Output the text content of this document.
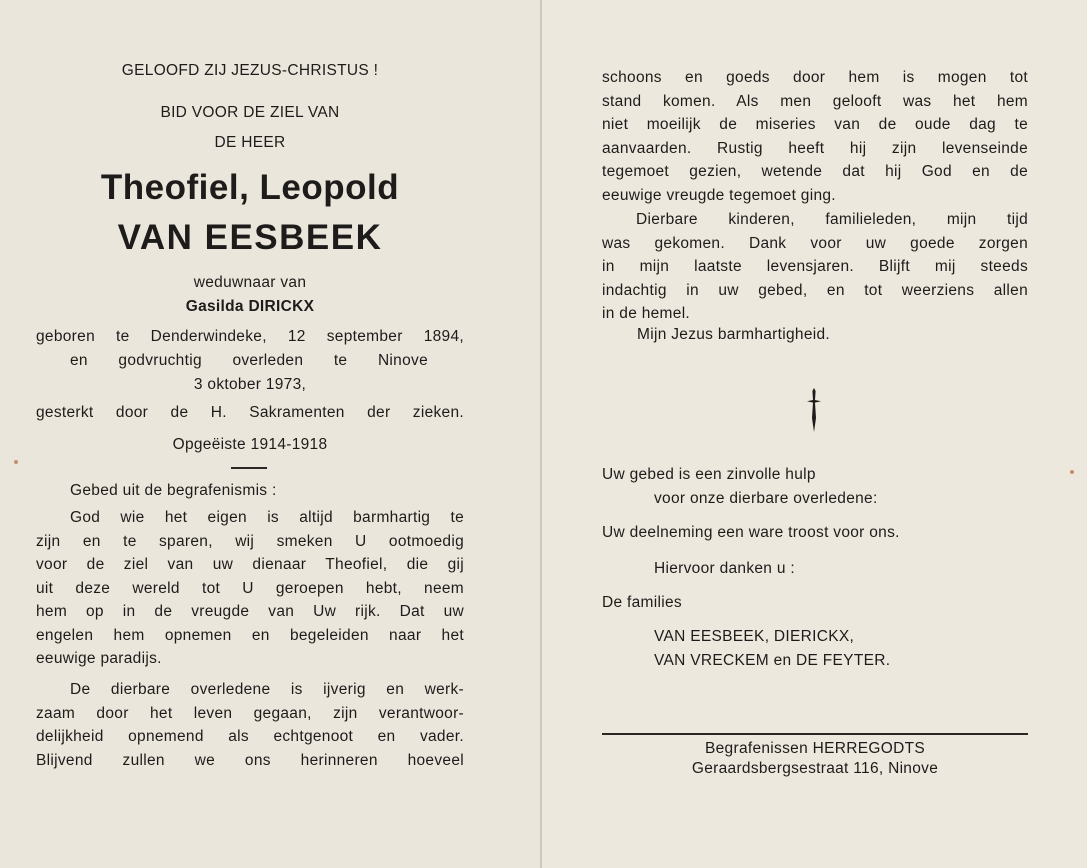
GELOOFD ZIJ JEZUS-CHRISTUS !
BID VOOR DE ZIEL VAN
DE HEER
Theofiel, Leopold
VAN EESBEEK
weduwnaar van
Gasilda DIRICKX
geboren te Denderwindeke, 12 september 1894,
en godvruchtig overleden te Ninove
3 oktober 1973,
gesterkt door de H. Sakramenten der zieken.
Opgeëiste 1914-1918
Gebed uit de begrafenismis :
God wie het eigen is altijd barmhartig te
zijn en te sparen, wij smeken U ootmoedig
voor de ziel van uw dienaar Theofiel, die gij
uit deze wereld tot U geroepen hebt, neem
hem op in de vreugde van Uw rijk. Dat uw
engelen hem opnemen en begeleiden naar het
eeuwige paradijs.
De dierbare overledene is ijverig en werk-
zaam door het leven gegaan, zijn verantwoor-
delijkheid opnemend als echtgenoot en vader.
Blijvend zullen we ons herinneren hoeveel
schoons en goeds door hem is mogen tot
stand komen. Als men gelooft was het hem
niet moeilijk de miseries van de oude dag te
aanvaarden. Rustig heeft hij zijn levenseinde
tegemoet gezien, wetende dat hij God en de
eeuwige vreugde tegemoet ging.
Dierbare kinderen, familieleden, mijn tijd
was gekomen. Dank voor uw goede zorgen
in mijn laatste levensjaren. Blijft mij steeds
indachtig in uw gebed, en tot weerziens allen
in de hemel.
Mijn Jezus barmhartigheid.
Uw gebed is een zinvolle hulp
voor onze dierbare overledene:
Uw deelneming een ware troost voor ons.
Hiervoor danken u :
De families
VAN EESBEEK, DIERICKX,
VAN VRECKEM en DE FEYTER.
Begrafenissen HERREGODTS
Geraardsbergsestraat 116, Ninove
